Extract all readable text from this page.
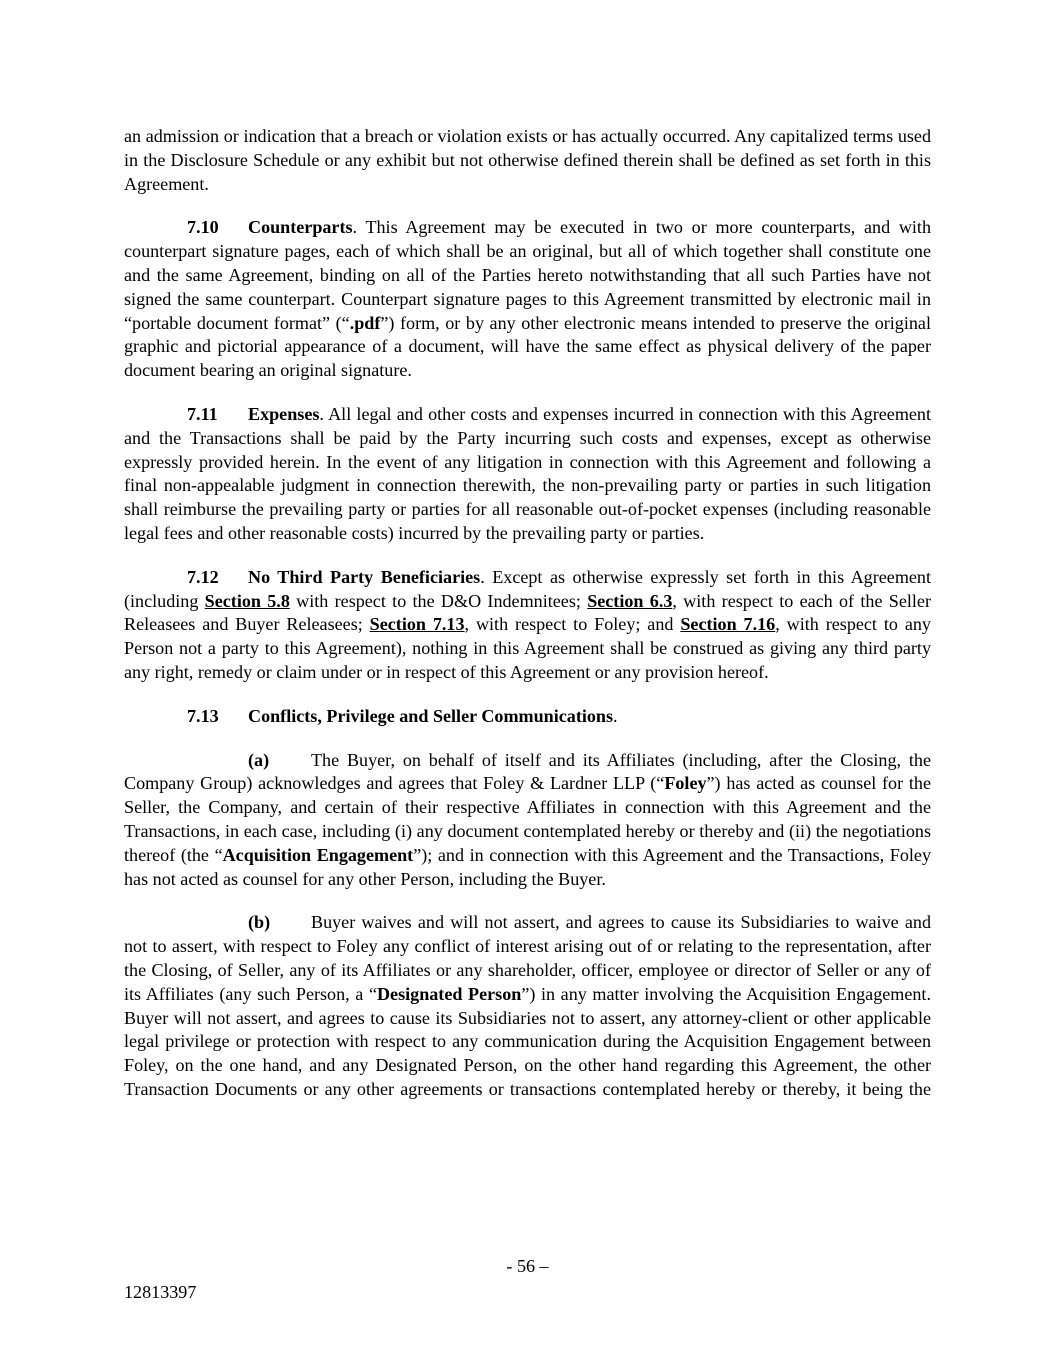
an admission or indication that a breach or violation exists or has actually occurred. Any capitalized terms used in the Disclosure Schedule or any exhibit but not otherwise defined therein shall be defined as set forth in this Agreement.

7.10 Counterparts. This Agreement may be executed in two or more counterparts, and with counterpart signature pages, each of which shall be an original, but all of which together shall constitute one and the same Agreement, binding on all of the Parties hereto notwithstanding that all such Parties have not signed the same counterpart. Counterpart signature pages to this Agreement transmitted by electronic mail in “portable document format” (“.pdf”) form, or by any other electronic means intended to preserve the original graphic and pictorial appearance of a document, will have the same effect as physical delivery of the paper document bearing an original signature.

7.11 Expenses. All legal and other costs and expenses incurred in connection with this Agreement and the Transactions shall be paid by the Party incurring such costs and expenses, except as otherwise expressly provided herein. In the event of any litigation in connection with this Agreement and following a final non-appealable judgment in connection therewith, the non-prevailing party or parties in such litigation shall reimburse the prevailing party or parties for all reasonable out-of-pocket expenses (including reasonable legal fees and other reasonable costs) incurred by the prevailing party or parties.

7.12 No Third Party Beneficiaries. Except as otherwise expressly set forth in this Agreement (including Section 5.8 with respect to the D&O Indemnitees; Section 6.3, with respect to each of the Seller Releasees and Buyer Releasees; Section 7.13, with respect to Foley; and Section 7.16, with respect to any Person not a party to this Agreement), nothing in this Agreement shall be construed as giving any third party any right, remedy or claim under or in respect of this Agreement or any provision hereof.

7.13 Conflicts, Privilege and Seller Communications.

(a) The Buyer, on behalf of itself and its Affiliates (including, after the Closing, the Company Group) acknowledges and agrees that Foley & Lardner LLP (“Foley”) has acted as counsel for the Seller, the Company, and certain of their respective Affiliates in connection with this Agreement and the Transactions, in each case, including (i) any document contemplated hereby or thereby and (ii) the negotiations thereof (the “Acquisition Engagement”); and in connection with this Agreement and the Transactions, Foley has not acted as counsel for any other Person, including the Buyer.

(b) Buyer waives and will not assert, and agrees to cause its Subsidiaries to waive and not to assert, with respect to Foley any conflict of interest arising out of or relating to the representation, after the Closing, of Seller, any of its Affiliates or any shareholder, officer, employee or director of Seller or any of its Affiliates (any such Person, a “Designated Person”) in any matter involving the Acquisition Engagement. Buyer will not assert, and agrees to cause its Subsidiaries not to assert, any attorney-client or other applicable legal privilege or protection with respect to any communication during the Acquisition Engagement between Foley, on the one hand, and any Designated Person, on the other hand regarding this Agreement, the other Transaction Documents or any other agreements or transactions contemplated hereby or thereby, it being the

- 56 –
12813397
